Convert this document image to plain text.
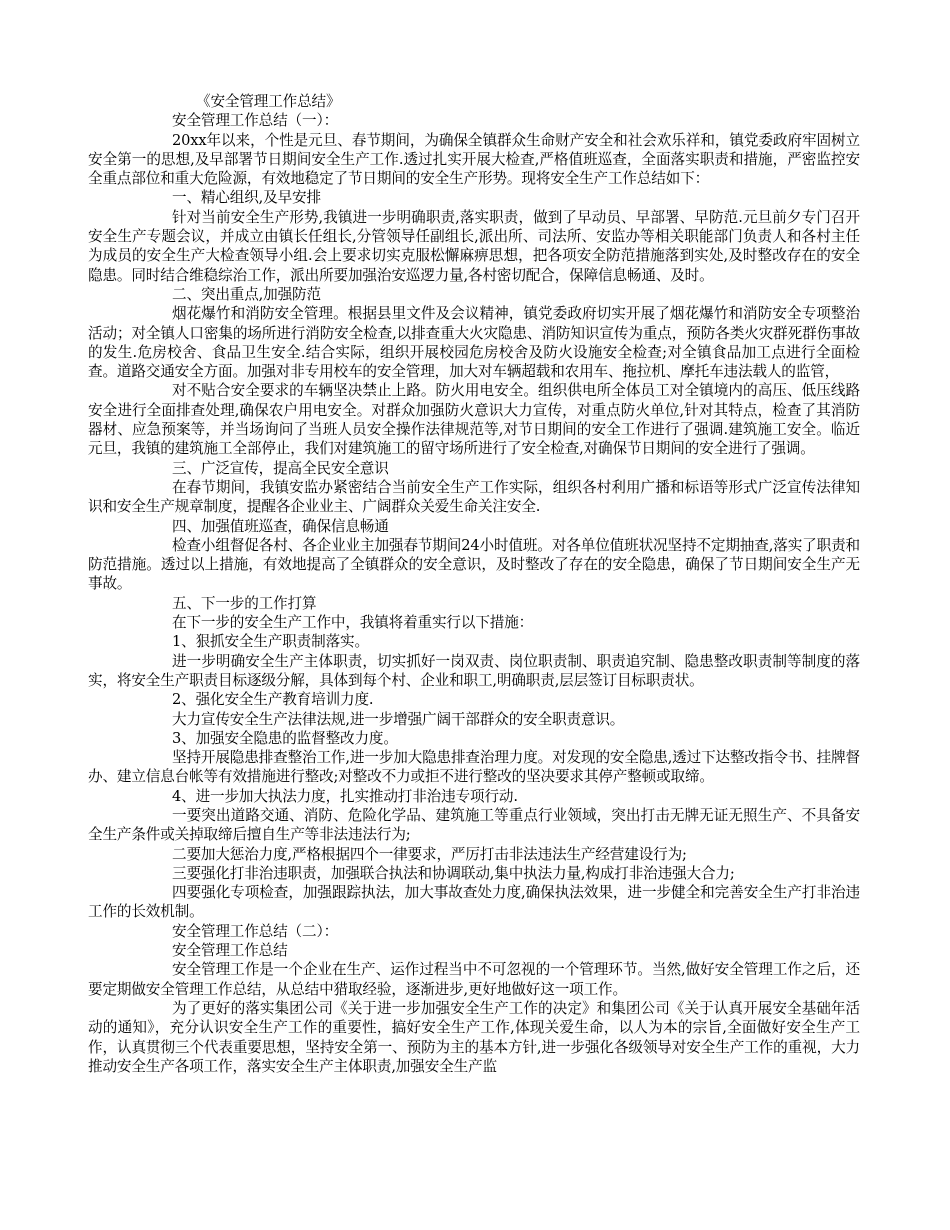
《安全管理工作总结》

安全管理工作总结（一）：

20xx年以来，个性是元旦、春节期间，为确保全镇群众生命财产安全和社会欢乐祥和，镇党委政府牢固树立安全第一的思想,及早部署节日期间安全生产工作.透过扎实开展大检查,严格值班巡查，全面落实职责和措施，严密监控安全重点部位和重大危险源，有效地稳定了节日期间的安全生产形势。现将安全生产工作总结如下：

一、精心组织,及早安排

针对当前安全生产形势,我镇进一步明确职责,落实职责，做到了早动员、早部署、早防范.元旦前夕专门召开安全生产专题会议，并成立由镇长任组长,分管领导任副组长,派出所、司法所、安监办等相关职能部门负责人和各村主任为成员的安全生产大检查领导小组.会上要求切实克服松懈麻痹思想，把各项安全防范措施落到实处,及时整改存在的安全隐患。同时结合维稳综治工作，派出所要加强治安巡逻力量,各村密切配合，保障信息畅通、及时。

二、突出重点,加强防范

烟花爆竹和消防安全管理。根据县里文件及会议精神，镇党委政府切实开展了烟花爆竹和消防安全专项整治活动；对全镇人口密集的场所进行消防安全检查,以排查重大火灾隐患、消防知识宣传为重点，预防各类火灾群死群伤事故的发生.危房校舍、食品卫生安全.结合实际，组织开展校园危房校舍及防火设施安全检查;对全镇食品加工点进行全面检查。道路交通安全方面。加强对非专用校车的安全管理，加大对车辆超载和农用车、拖拉机、摩托车违法载人的监管，

对不贴合安全要求的车辆坚决禁止上路。防火用电安全。组织供电所全体员工对全镇境内的高压、低压线路安全进行全面排查处理,确保农户用电安全。对群众加强防火意识大力宣传，对重点防火单位,针对其特点，检查了其消防器材、应急预案等，并当场询问了当班人员安全操作法律规范等,对节日期间的安全工作进行了强调.建筑施工安全。临近元旦，我镇的建筑施工全部停止，我们对建筑施工的留守场所进行了安全检查,对确保节日期间的安全进行了强调。

三、广泛宣传，提高全民安全意识

在春节期间，我镇安监办紧密结合当前安全生产工作实际，组织各村利用广播和标语等形式广泛宣传法律知识和安全生产规章制度，提醒各企业业主、广阔群众关爱生命关注安全.

四、加强值班巡查，确保信息畅通

检查小组督促各村、各企业业主加强春节期间24小时值班。对各单位值班状况坚持不定期抽查,落实了职责和防范措施。透过以上措施，有效地提高了全镇群众的安全意识，及时整改了存在的安全隐患，确保了节日期间安全生产无事故。

五、下一步的工作打算

在下一步的安全生产工作中，我镇将着重实行以下措施：

1、狠抓安全生产职责制落实。

进一步明确安全生产主体职责，切实抓好一岗双责、岗位职责制、职责追究制、隐患整改职责制等制度的落实，将安全生产职责目标逐级分解，具体到每个村、企业和职工,明确职责,层层签订目标职责状。

2、强化安全生产教育培训力度.

大力宣传安全生产法律法规,进一步增强广阔干部群众的安全职责意识。

3、加强安全隐患的监督整改力度。

坚持开展隐患排查整治工作,进一步加大隐患排查治理力度。对发现的安全隐患,透过下达整改指令书、挂牌督办、建立信息台帐等有效措施进行整改;对整改不力或拒不进行整改的坚决要求其停产整顿或取缔。

4、进一步加大执法力度，扎实推动打非治违专项行动.

一要突出道路交通、消防、危险化学品、建筑施工等重点行业领域，突出打击无牌无证无照生产、不具备安全生产条件或关掉取缔后擅自生产等非法违法行为;

二要加大惩治力度,严格根据四个一律要求，严厉打击非法违法生产经营建设行为;

三要强化打非治违职责，加强联合执法和协调联动,集中执法力量,构成打非治违强大合力;

四要强化专项检查，加强跟踪执法，加大事故查处力度,确保执法效果，进一步健全和完善安全生产打非治违工作的长效机制。

安全管理工作总结（二）：

安全管理工作总结

安全管理工作是一个企业在生产、运作过程当中不可忽视的一个管理环节。当然,做好安全管理工作之后，还要定期做安全管理工作总结，从总结中猎取经验，逐渐进步,更好地做好这一项工作。

为了更好的落实集团公司《关于进一步加强安全生产工作的决定》和集团公司《关于认真开展安全基础年活动的通知》，充分认识安全生产工作的重要性，搞好安全生产工作,体现关爱生命，以人为本的宗旨,全面做好安全生产工作，认真贯彻三个代表重要思想，坚持安全第一、预防为主的基本方针,进一步强化各级领导对安全生产工作的重视，大力推动安全生产各项工作，落实安全生产主体职责,加强安全生产监
